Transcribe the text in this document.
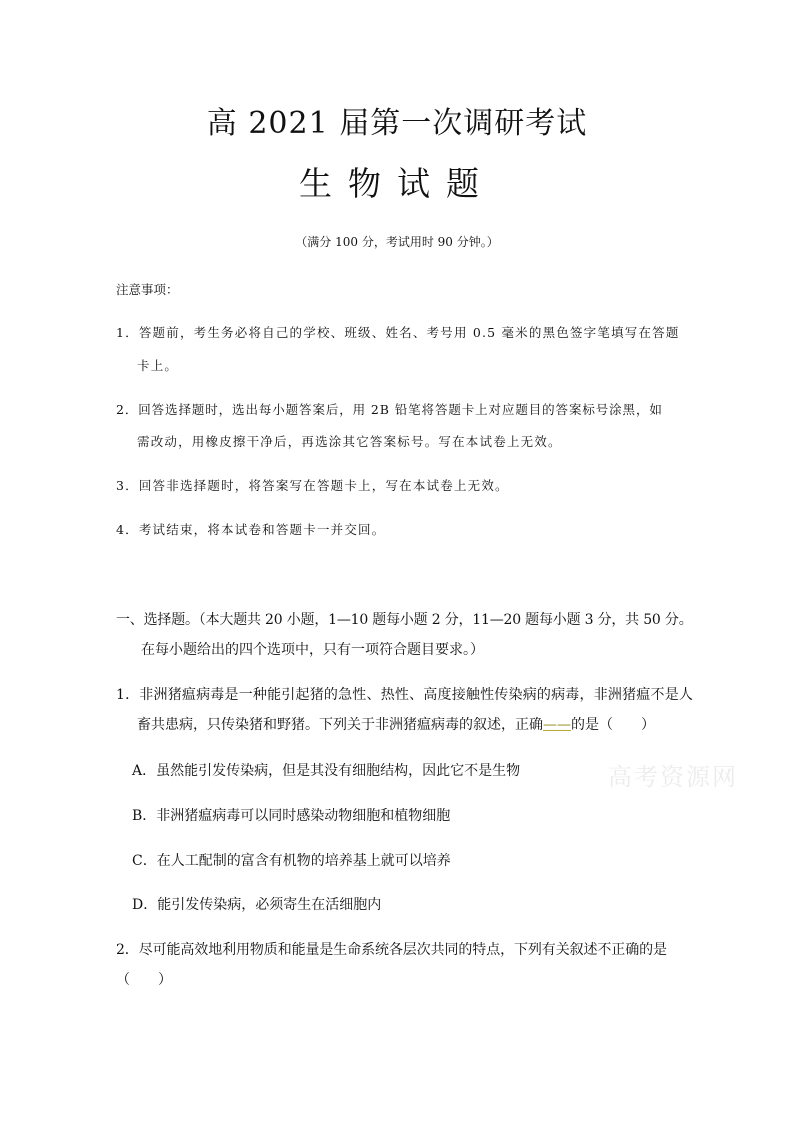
高 2021 届第一次调研考试
生物试题

（满分 100 分，考试用时 90 分钟。）

注意事项：

1．答题前，考生务必将自己的学校、班级、姓名、考号用 0.5 毫米的黑色签字笔填写在答题

卡上。

2．回答选择题时，选出每小题答案后，用 2B 铅笔将答题卡上对应题目的答案标号涂黑，如

需改动，用橡皮擦干净后，再选涂其它答案标号。写在本试卷上无效。

3．回答非选择题时，将答案写在答题卡上，写在本试卷上无效。

4．考试结束，将本试卷和答题卡一并交回。

一、选择题。（本大题共 20 小题，1—10 题每小题 2 分，11—20 题每小题 3 分，共 50 分。

在每小题给出的四个选项中，只有一项符合题目要求。）

1．非洲猪瘟病毒是一种能引起猪的急性、热性、高度接触性传染病的病毒，非洲猪瘟不是人

畜共患病，只传染猪和野猪。下列关于非洲猪瘟病毒的叙述，正确——的是（　　）

A．虽然能引发传染病，但是其没有细胞结构，因此它不是生物

B．非洲猪瘟病毒可以同时感染动物细胞和植物细胞

C．在人工配制的富含有机物的培养基上就可以培养

D．能引发传染病，必须寄生在活细胞内

2．尽可能高效地利用物质和能量是生命系统各层次共同的特点，下列有关叙述不正确的是

（　　）

高考资源网
